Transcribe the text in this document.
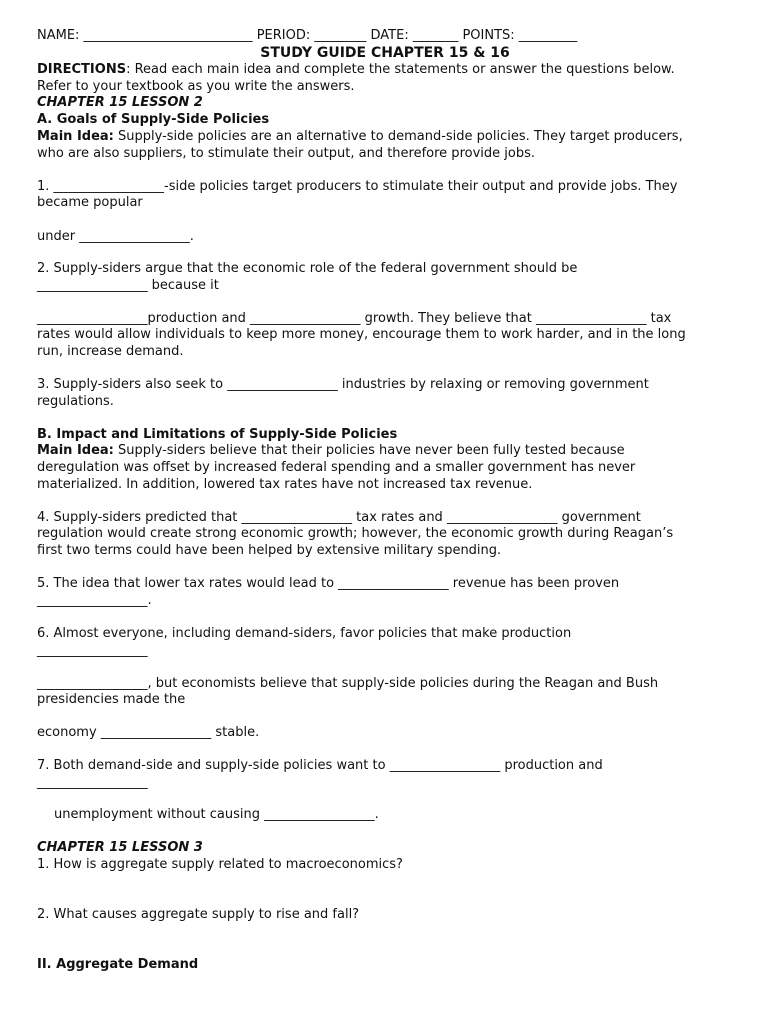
NAME: __________________________ PERIOD: ________ DATE: _______ POINTS: _________
STUDY GUIDE CHAPTER 15 & 16
DIRECTIONS: Read each main idea and complete the statements or answer the questions below.
Refer to your textbook as you write the answers.
CHAPTER 15 LESSON 2
A. Goals of Supply-Side Policies
Main Idea: Supply-side policies are an alternative to demand-side policies. They target producers,
who are also suppliers, to stimulate their output, and therefore provide jobs.
1. _________________-side policies target producers to stimulate their output and provide jobs. They
became popular
under _________________.
2. Supply-siders argue that the economic role of the federal government should be
_________________ because it
_________________production and _________________ growth. They believe that _________________ tax
rates would allow individuals to keep more money, encourage them to work harder, and in the long
run, increase demand.
3. Supply-siders also seek to _________________ industries by relaxing or removing government
regulations.
B. Impact and Limitations of Supply-Side Policies
Main Idea: Supply-siders believe that their policies have never been fully tested because
deregulation was offset by increased federal spending and a smaller government has never
materialized. In addition, lowered tax rates have not increased tax revenue.
4. Supply-siders predicted that _________________ tax rates and _________________ government
regulation would create strong economic growth; however, the economic growth during Reagan’s
first two terms could have been helped by extensive military spending.
5. The idea that lower tax rates would lead to _________________ revenue has been proven
_________________.
6. Almost everyone, including demand-siders, favor policies that make production
_________________
_________________, but economists believe that supply-side policies during the Reagan and Bush
presidencies made the
economy _________________ stable.
7. Both demand-side and supply-side policies want to _________________ production and
_________________
unemployment without causing _________________.
CHAPTER 15 LESSON 3
1. How is aggregate supply related to macroeconomics?
2. What causes aggregate supply to rise and fall?
II. Aggregate Demand
